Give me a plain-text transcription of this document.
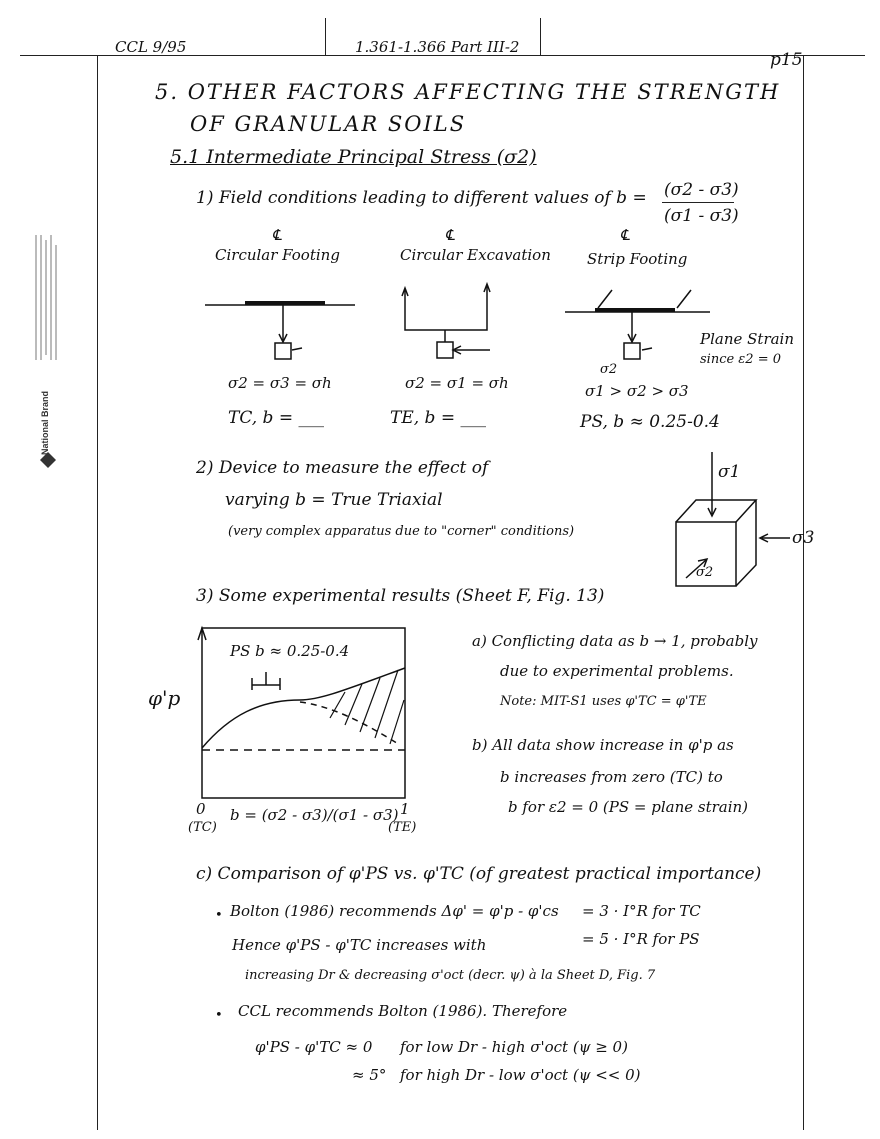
CCL 9/95	1.361-1.366 Part III-2
p15
National Brand
5. OTHER FACTORS AFFECTING THE STRENGTH
OF GRANULAR SOILS
5.1 Intermediate Principal Stress (σ2)
1) Field conditions leading to different values of b = (σ2 - σ3)
(σ1 - σ3)
℄
Circular Footing
σ2 = σ3 = σh
TC, b = ___
℄
Circular Excavation
σ2 = σ1 = σh
TE, b = ___
℄
Strip Footing
σ1 > σ2 > σ3
PS, b ≈ 0.25-0.4
σ2
Plane Strain
since ε2 = 0
2) Device to measure the effect of
varying b = True Triaxial
(very complex apparatus due to "corner" conditions)
σ1
σ2
σ3
3) Some experimental results (Sheet F, Fig. 13)
PS b ≈ 0.25-0.4
φ'p
0
(TC)
1
(TE)
b = (σ2 - σ3)/(σ1 - σ3)
a) Conflicting data as b → 1, probably
due to experimental problems.
Note: MIT-S1 uses φ'TC = φ'TE
b) All data show increase in φ'p as
b increases from zero (TC) to
b for ε2 = 0 (PS = plane strain)
c) Comparison of φ'PS vs. φ'TC (of greatest practical importance)
• Bolton (1986) recommends Δφ' = φ'p - φ'cs = 3 · I°R for TC
= 5 · I°R for PS
Hence φ'PS - φ'TC increases with
increasing Dr & decreasing σ'oct (decr. ψ) à la Sheet D, Fig. 7
• CCL recommends Bolton (1986). Therefore
φ'PS - φ'TC ≈ 0 for low Dr - high σ'oct (ψ ≥ 0)
≈ 5° for high Dr - low σ'oct (ψ << 0)
